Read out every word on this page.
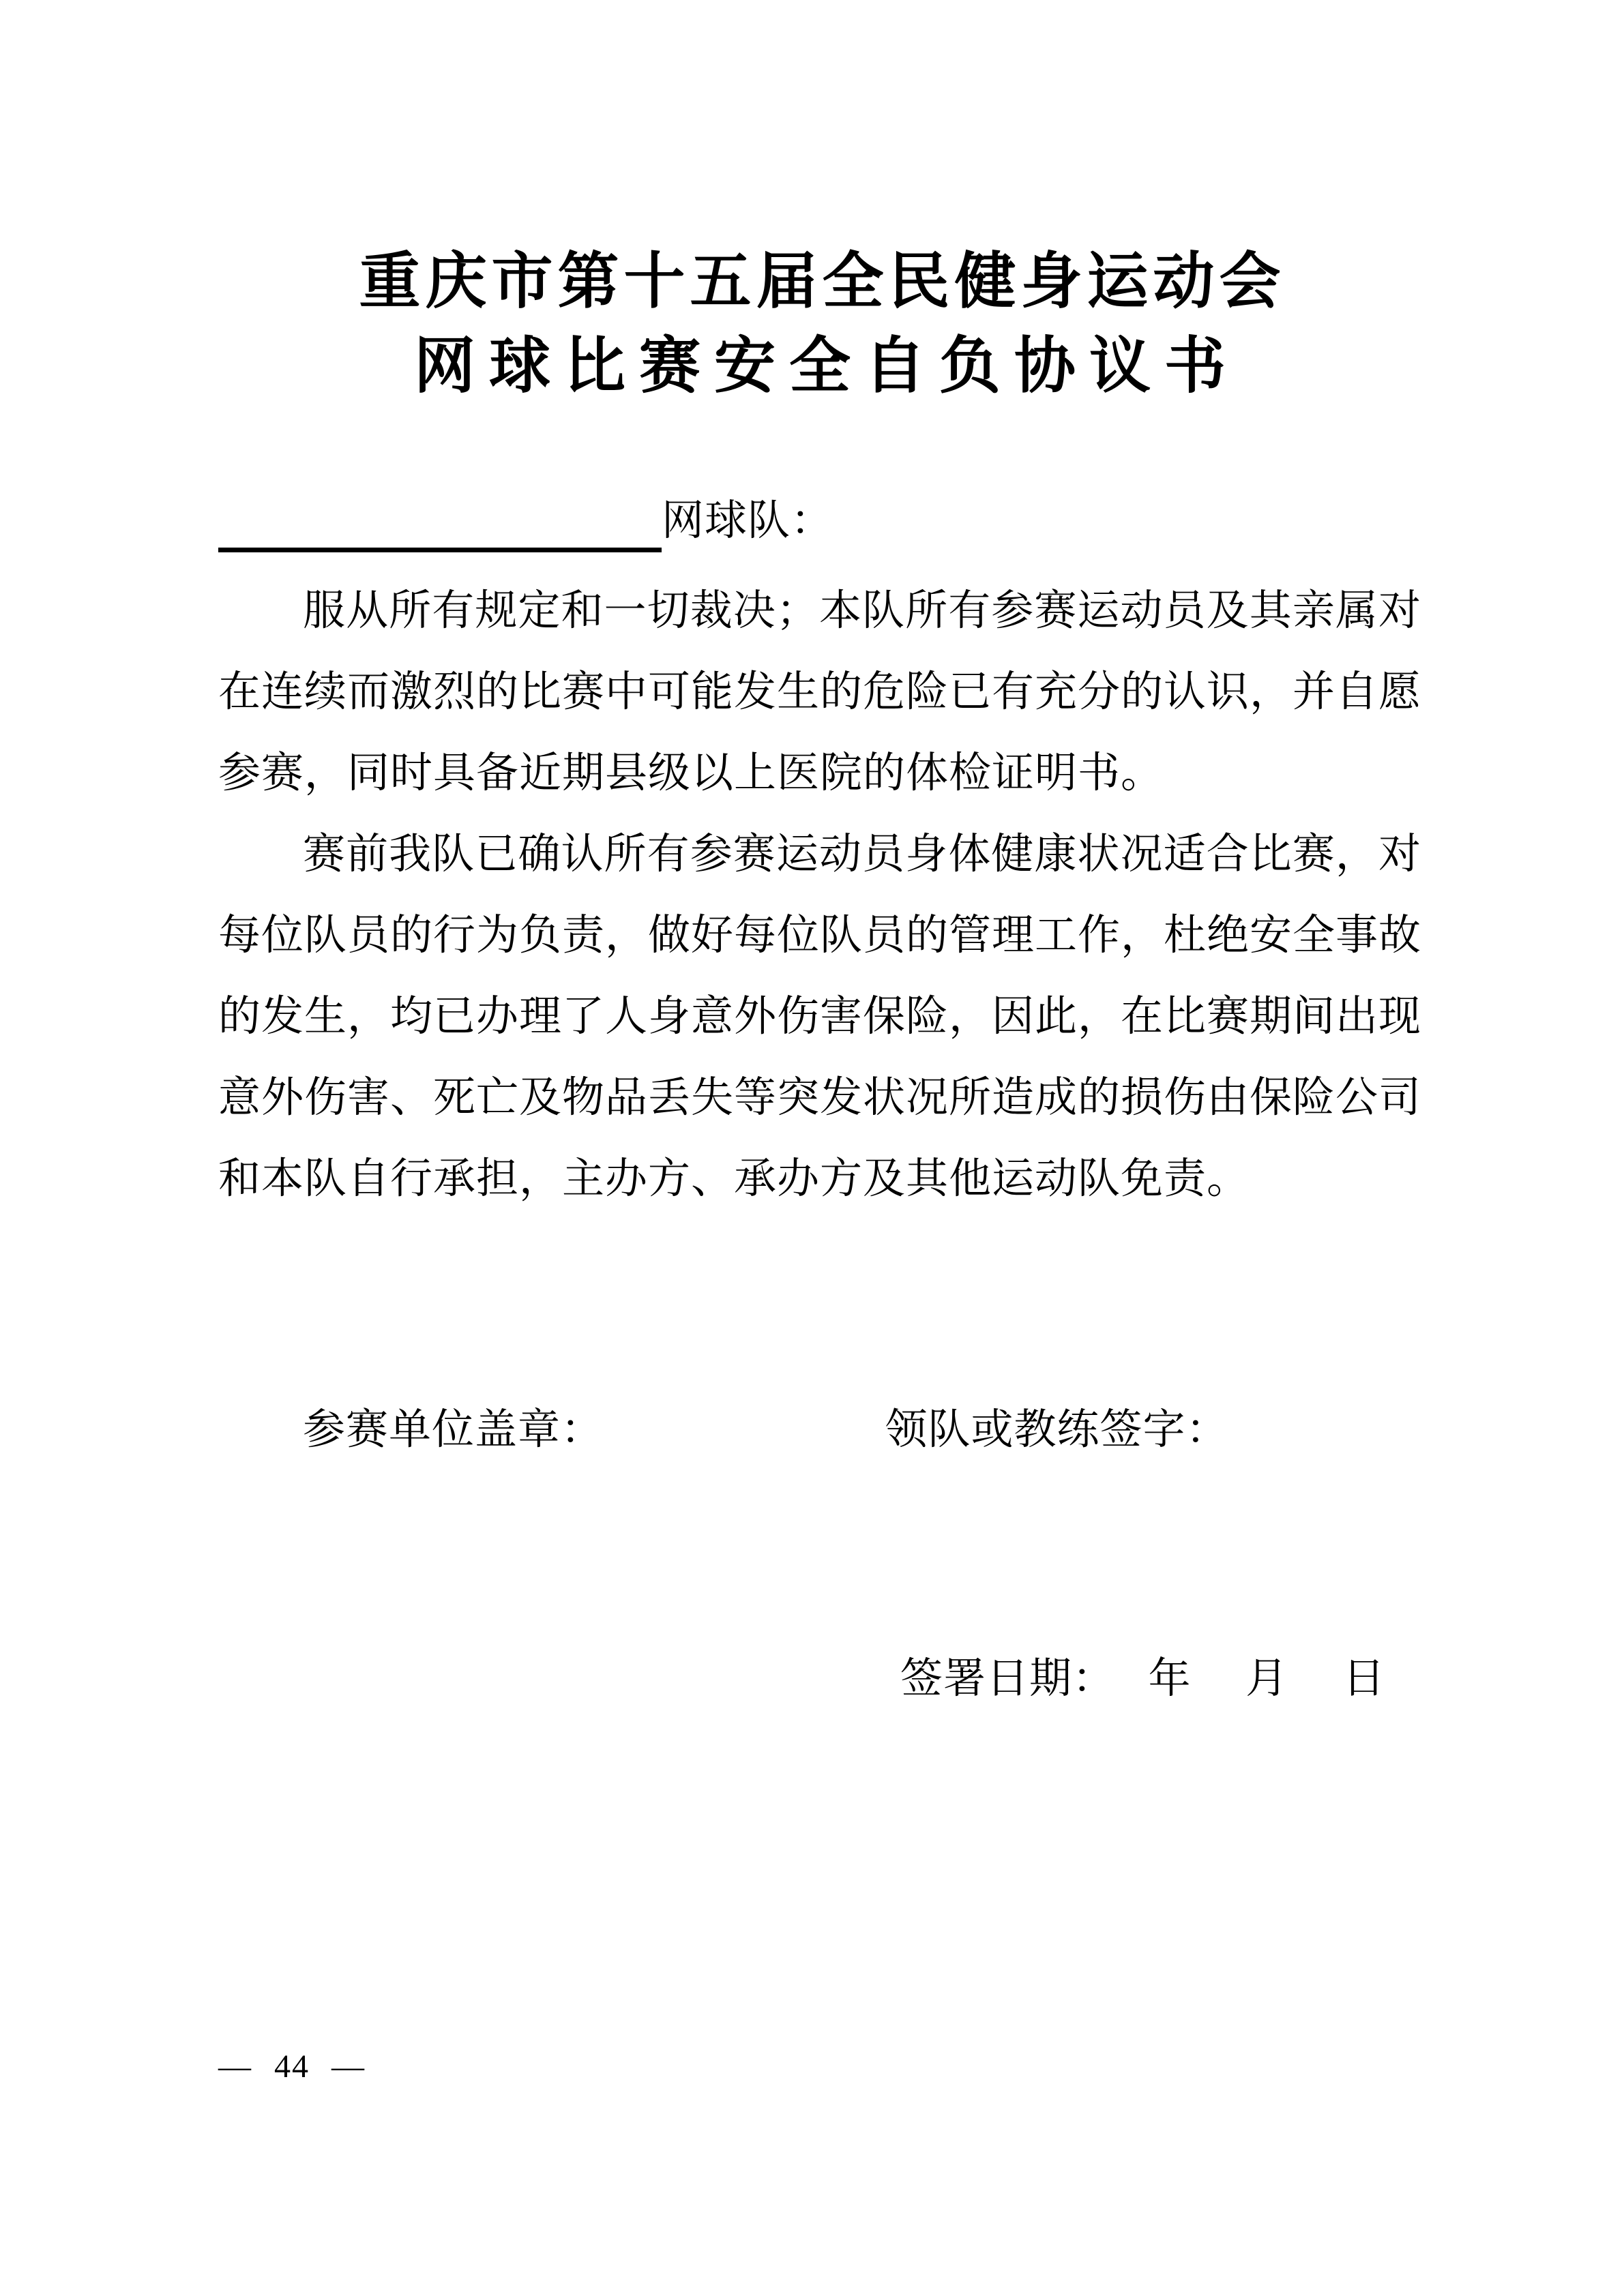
重庆市第十五届全民健身运动会
网球比赛安全自负协议书
网球队：
服从所有规定和一切裁决；本队所有参赛运动员及其亲属对
在连续而激烈的比赛中可能发生的危险已有充分的认识，并自愿
参赛，同时具备近期县级以上医院的体检证明书。
赛前我队已确认所有参赛运动员身体健康状况适合比赛，对
每位队员的行为负责，做好每位队员的管理工作，杜绝安全事故
的发生，均已办理了人身意外伤害保险，因此，在比赛期间出现
意外伤害、死亡及物品丢失等突发状况所造成的损伤由保险公司
和本队自行承担，主办方、承办方及其他运动队免责。
参赛单位盖章：	领队或教练签字：
签署日期：　 年　 月　 日
— 44 —
